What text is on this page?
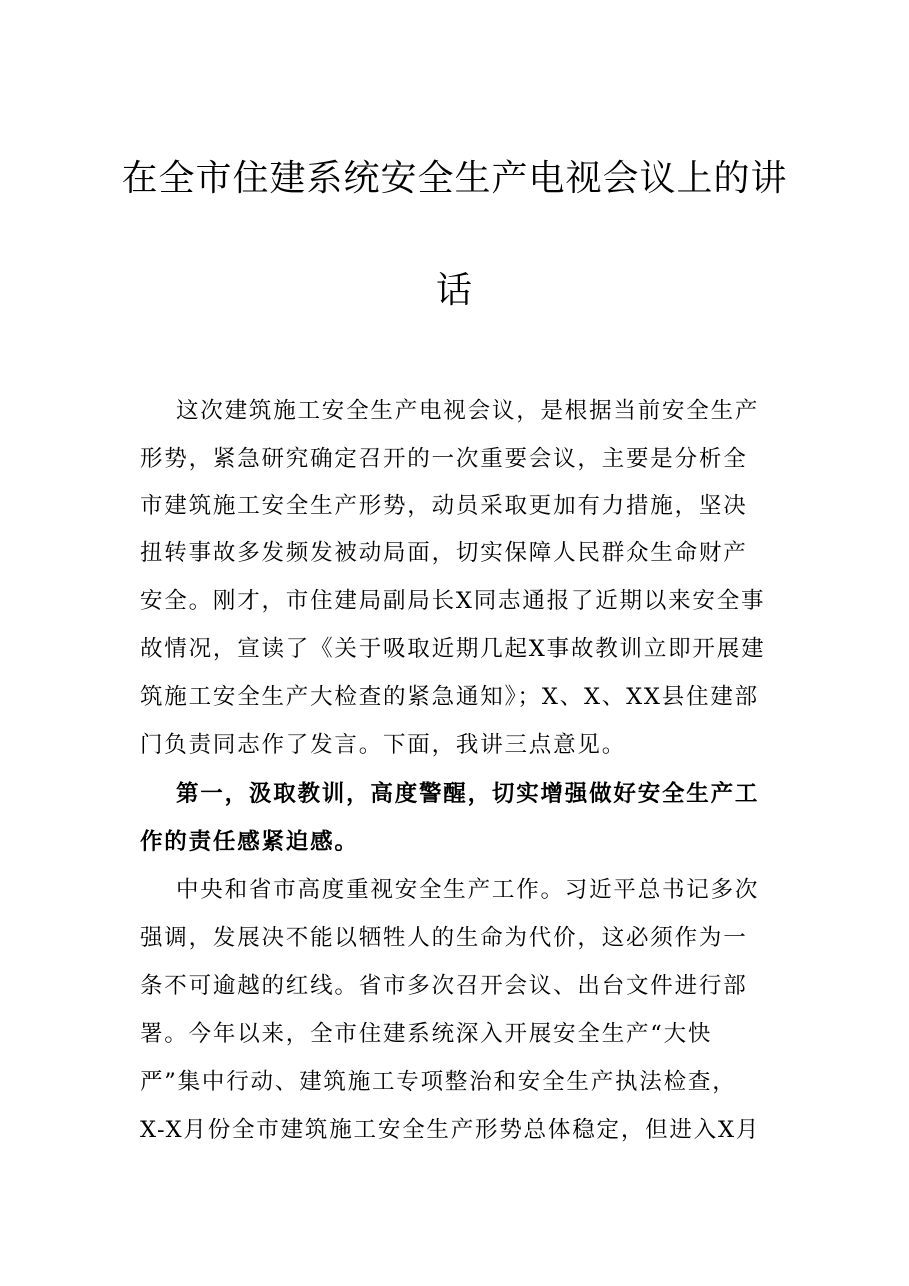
在全市住建系统安全生产电视会议上的讲
话
这次建筑施工安全生产电视会议，是根据当前安全生产
形势，紧急研究确定召开的一次重要会议，主要是分析全
市建筑施工安全生产形势，动员采取更加有力措施，坚决
扭转事故多发频发被动局面，切实保障人民群众生命财产
安全。刚才，市住建局副局长X同志通报了近期以来安全事
故情况，宣读了《关于吸取近期几起X事故教训立即开展建
筑施工安全生产大检查的紧急通知》；X、X、XX县住建部
门负责同志作了发言。下面，我讲三点意见。
第一，汲取教训，高度警醒，切实增强做好安全生产工
作的责任感紧迫感。
中央和省市高度重视安全生产工作。习近平总书记多次
强调，发展决不能以牺牲人的生命为代价，这必须作为一
条不可逾越的红线。省市多次召开会议、出台文件进行部
署。今年以来，全市住建系统深入开展安全生产“大快
严”集中行动、建筑施工专项整治和安全生产执法检查，
X-X月份全市建筑施工安全生产形势总体稳定，但进入X月
